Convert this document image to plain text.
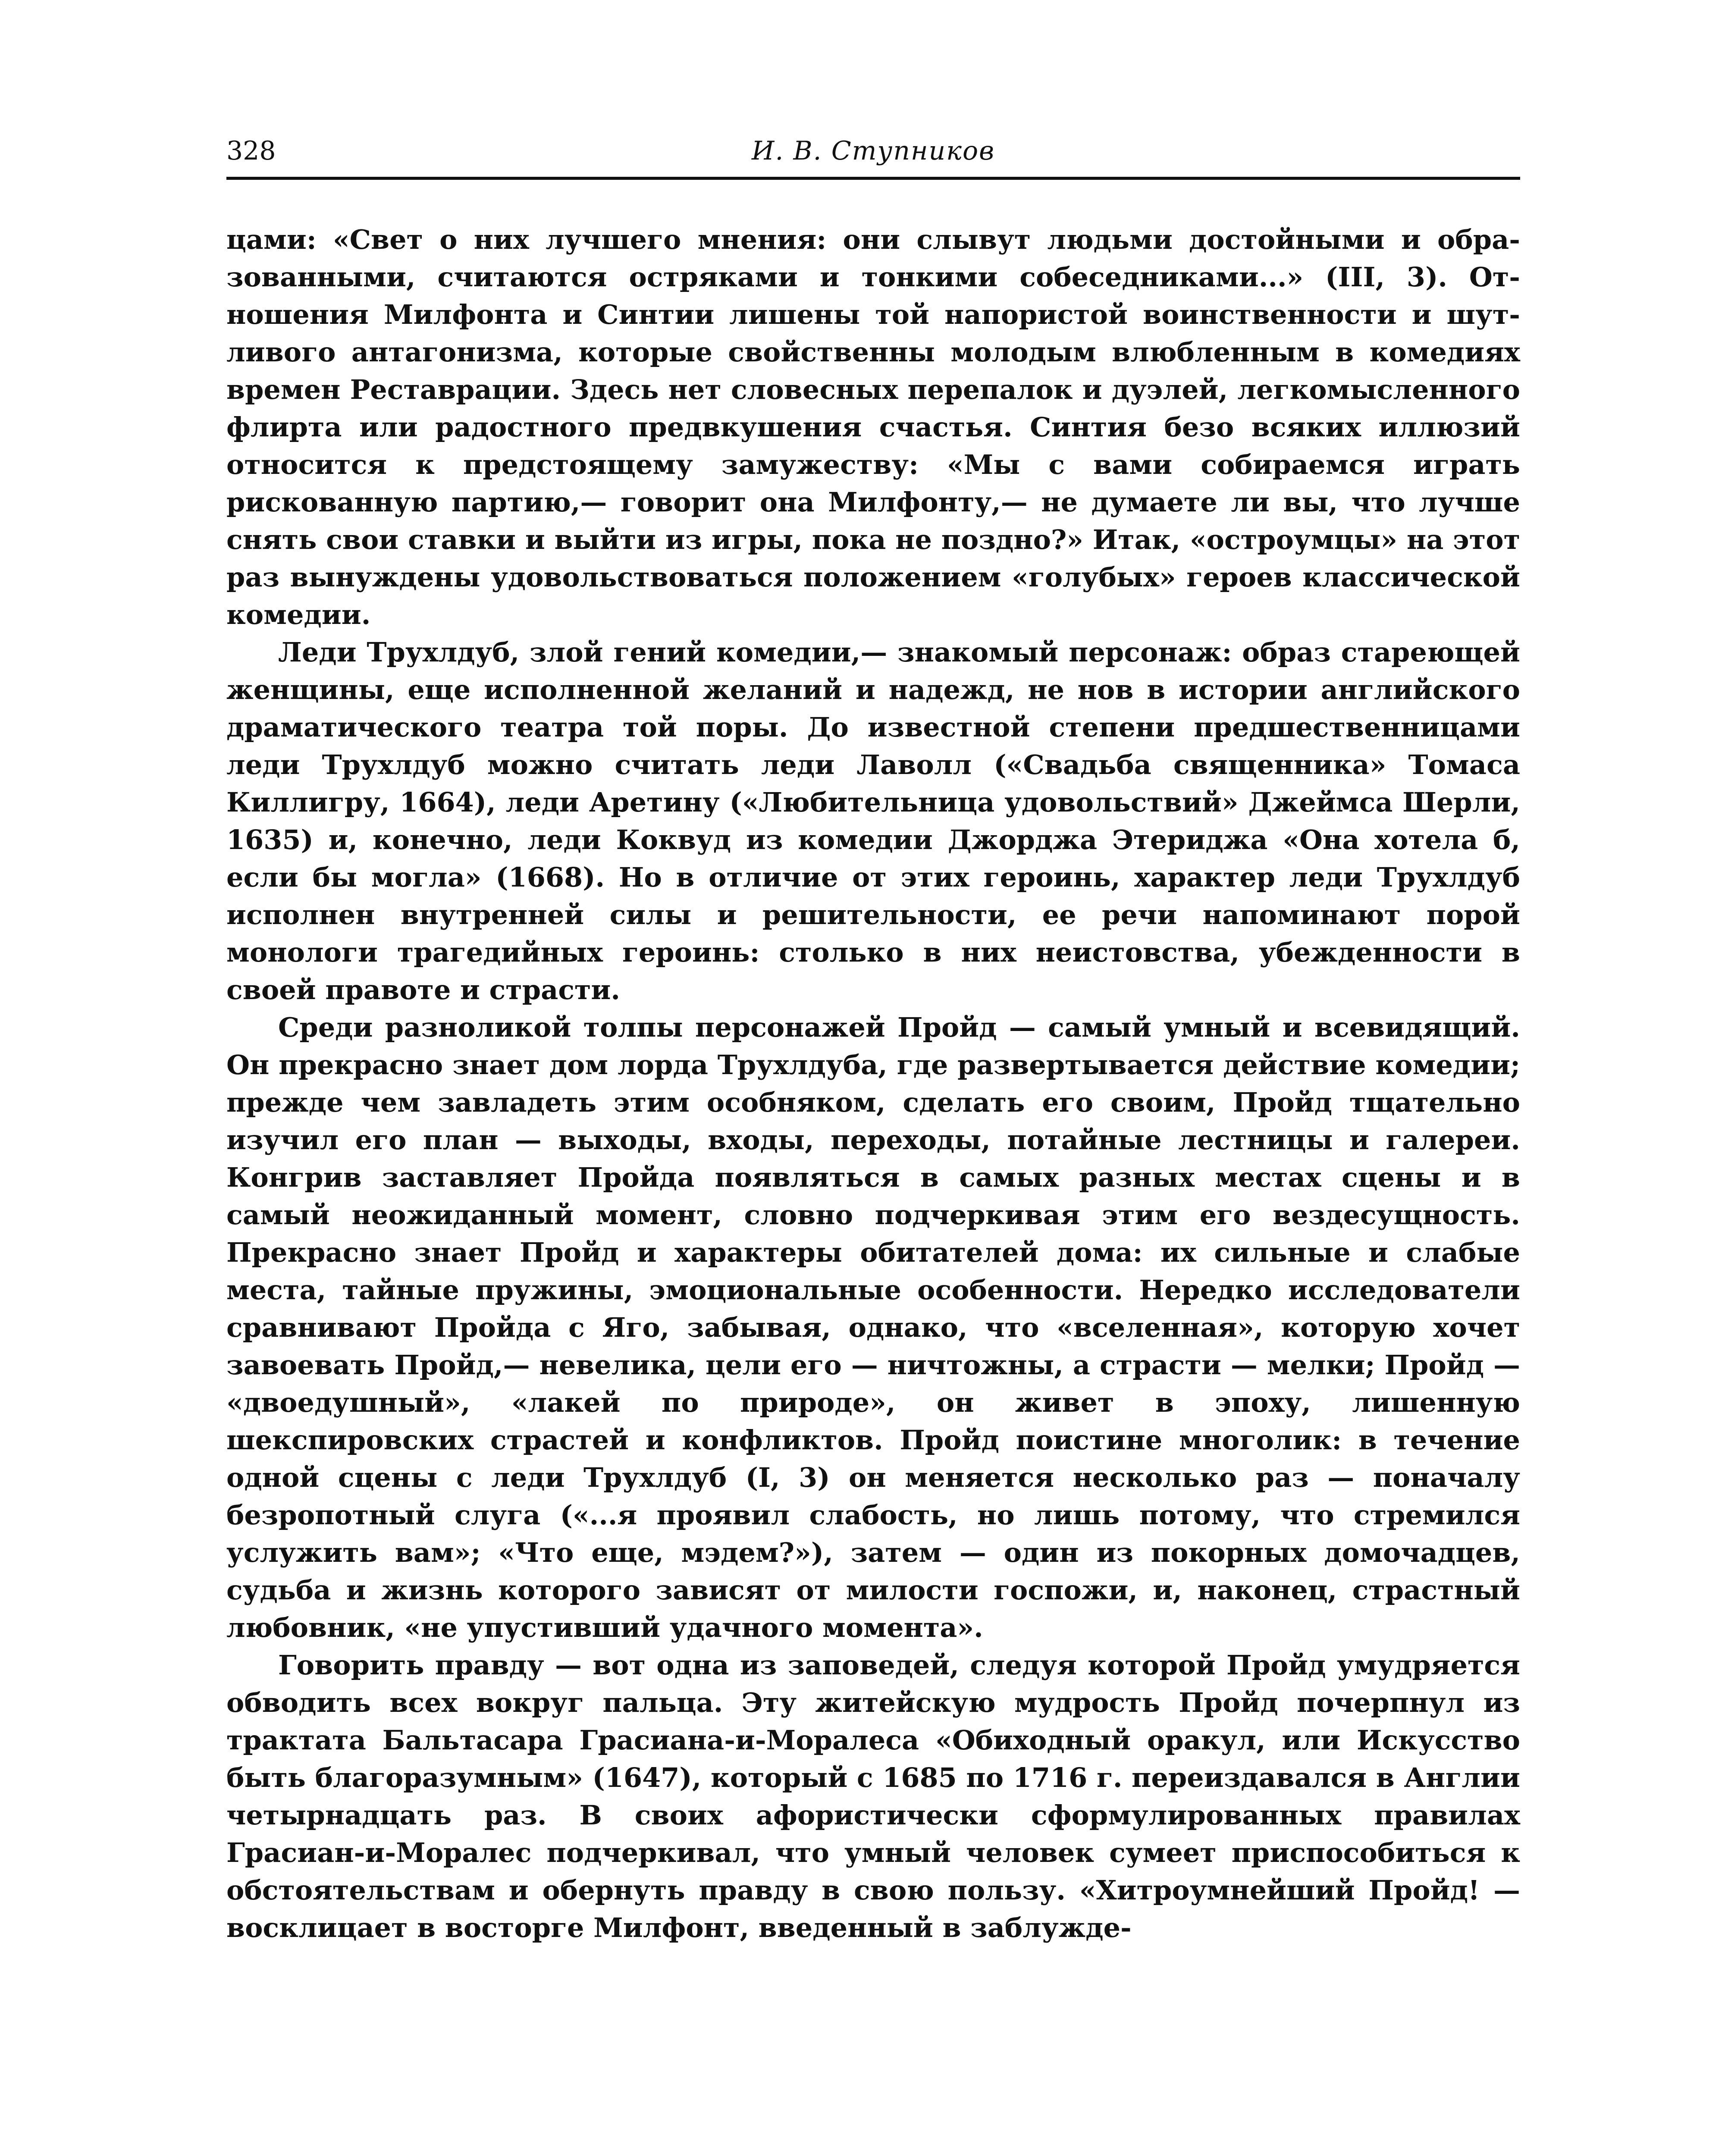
328	И. В. Ступников

цами: «Свет о них лучшего мнения: они слывут людьми достойными и образованными, считаются остряками и тонкими собеседниками...» (III, 3). Отношения Милфонта и Синтии лишены той напористой воинственности и шутливого антагонизма, которые свойственны молодым влюбленным в комедиях времен Реставрации. Здесь нет словесных перепалок и дуэлей, легкомысленного флирта или радостного предвкушения счастья. Синтия безо всяких иллюзий относится к предстоящему замужеству: «Мы с вами собираемся играть рискованную партию,— говорит она Милфонту,— не думаете ли вы, что лучше снять свои ставки и выйти из игры, пока не поздно?» Итак, «остроумцы» на этот раз вынуждены удовольствоваться положением «голубых» героев классической комедии.

Леди Трухлдуб, злой гений комедии,— знакомый персонаж: образ стареющей женщины, еще исполненной желаний и надежд, не нов в истории английского драматического театра той поры. До известной степени предшественницами леди Трухлдуб можно считать леди Лаволл («Свадьба священника» Томаса Киллигру, 1664), леди Аретину («Любительница удовольствий» Джеймса Шерли, 1635) и, конечно, леди Коквуд из комедии Джорджа Этериджа «Она хотела б, если бы могла» (1668). Но в отличие от этих героинь, характер леди Трухлдуб исполнен внутренней силы и решительности, ее речи напоминают порой монологи трагедийных героинь: столько в них неистовства, убежденности в своей правоте и страсти.

Среди разноликой толпы персонажей Пройд — самый умный и всевидящий. Он прекрасно знает дом лорда Трухлдуба, где развертывается действие комедии; прежде чем завладеть этим особняком, сделать его своим, Пройд тщательно изучил его план — выходы, входы, переходы, потайные лестницы и галереи. Конгрив заставляет Пройда появляться в самых разных местах сцены и в самый неожиданный момент, словно подчеркивая этим его вездесущность. Прекрасно знает Пройд и характеры обитателей дома: их сильные и слабые места, тайные пружины, эмоциональные особенности. Нередко исследователи сравнивают Пройда с Яго, забывая, однако, что «вселенная», которую хочет завоевать Пройд,— невелика, цели его — ничтожны, а страсти — мелки; Пройд — «двоедушный», «лакей по природе», он живет в эпоху, лишенную шекспировских страстей и конфликтов. Пройд поистине многолик: в течение одной сцены с леди Трухлдуб (I, 3) он меняется несколько раз — поначалу безропотный слуга («...я проявил слабость, но лишь потому, что стремился услужить вам»; «Что еще, мэдем?»), затем — один из покорных домочадцев, судьба и жизнь которого зависят от милости госпожи, и, наконец, страстный любовник, «не упустивший удачного момента».

Говорить правду — вот одна из заповедей, следуя которой Пройд умудряется обводить всех вокруг пальца. Эту житейскую мудрость Пройд почерпнул из трактата Бальтасара Грасиана-и-Моралеса «Обиходный оракул, или Искусство быть благоразумным» (1647), который с 1685 по 1716 г. переиздавался в Англии четырнадцать раз. В своих афористически сформулированных правилах Грасиан-и-Моралес подчеркивал, что умный человек сумеет приспособиться к обстоятельствам и обернуть правду в свою пользу. «Хитроумнейший Пройд! — восклицает в восторге Милфонт, введенный в заблужде-
